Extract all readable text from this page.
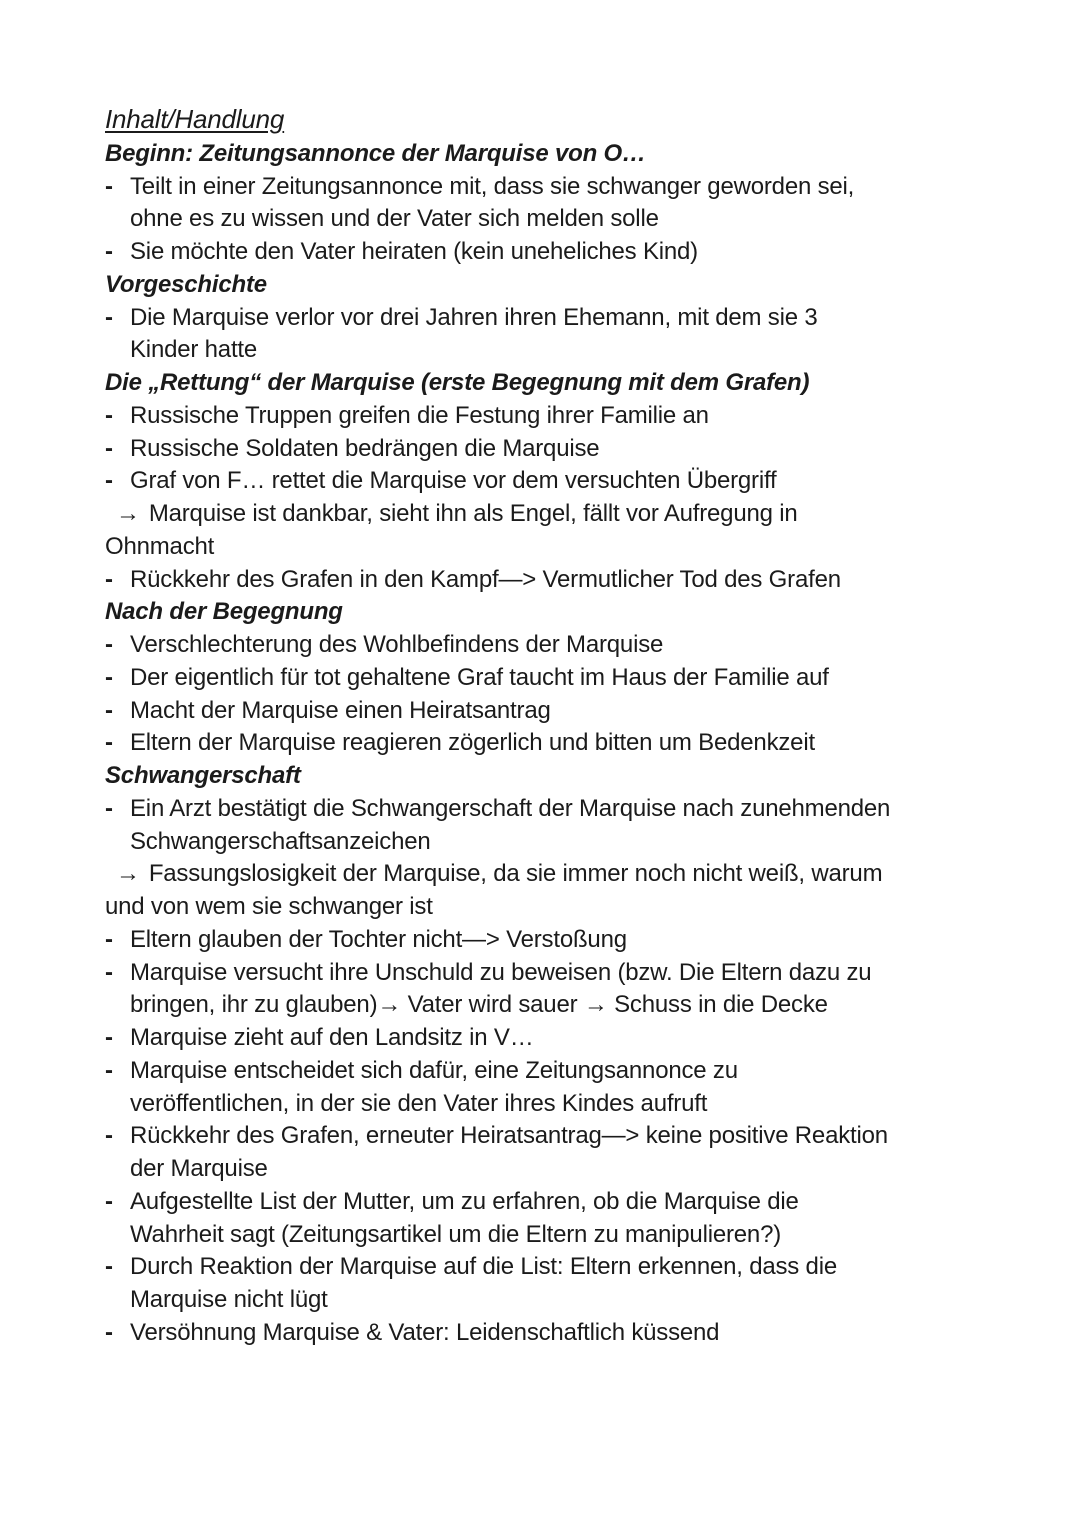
Inhalt/Handlung
Beginn: Zeitungsannonce der Marquise von O…
- Teilt in einer Zeitungsannonce mit, dass sie schwanger geworden sei,
ohne es zu wissen und der Vater sich melden solle
- Sie möchte den Vater heiraten (kein uneheliches Kind)
Vorgeschichte
- Die Marquise verlor vor drei Jahren ihren Ehemann, mit dem sie 3
Kinder hatte
Die „Rettung“ der Marquise (erste Begegnung mit dem Grafen)
- Russische Truppen greifen die Festung ihrer Familie an
- Russische Soldaten bedrängen die Marquise
- Graf von F… rettet die Marquise vor dem versuchten Übergriff
→ Marquise ist dankbar, sieht ihn als Engel, fällt vor Aufregung in
Ohnmacht
- Rückkehr des Grafen in den Kampf—> Vermutlicher Tod des Grafen
Nach der Begegnung
- Verschlechterung des Wohlbefindens der Marquise
- Der eigentlich für tot gehaltene Graf taucht im Haus der Familie auf
- Macht der Marquise einen Heiratsantrag
- Eltern der Marquise reagieren zögerlich und bitten um Bedenkzeit
Schwangerschaft
- Ein Arzt bestätigt die Schwangerschaft der Marquise nach zunehmenden
Schwangerschaftsanzeichen
→ Fassungslosigkeit der Marquise, da sie immer noch nicht weiß, warum
und von wem sie schwanger ist
- Eltern glauben der Tochter nicht—> Verstoßung
- Marquise versucht ihre Unschuld zu beweisen (bzw. Die Eltern dazu zu
bringen, ihr zu glauben)→ Vater wird sauer → Schuss in die Decke
- Marquise zieht auf den Landsitz in V…
- Marquise entscheidet sich dafür, eine Zeitungsannonce zu
veröffentlichen, in der sie den Vater ihres Kindes aufruft
- Rückkehr des Grafen, erneuter Heiratsantrag—> keine positive Reaktion
der Marquise
- Aufgestellte List der Mutter, um zu erfahren, ob die Marquise die
Wahrheit sagt (Zeitungsartikel um die Eltern zu manipulieren?)
- Durch Reaktion der Marquise auf die List: Eltern erkennen, dass die
Marquise nicht lügt
- Versöhnung Marquise & Vater: Leidenschaftlich küssend
